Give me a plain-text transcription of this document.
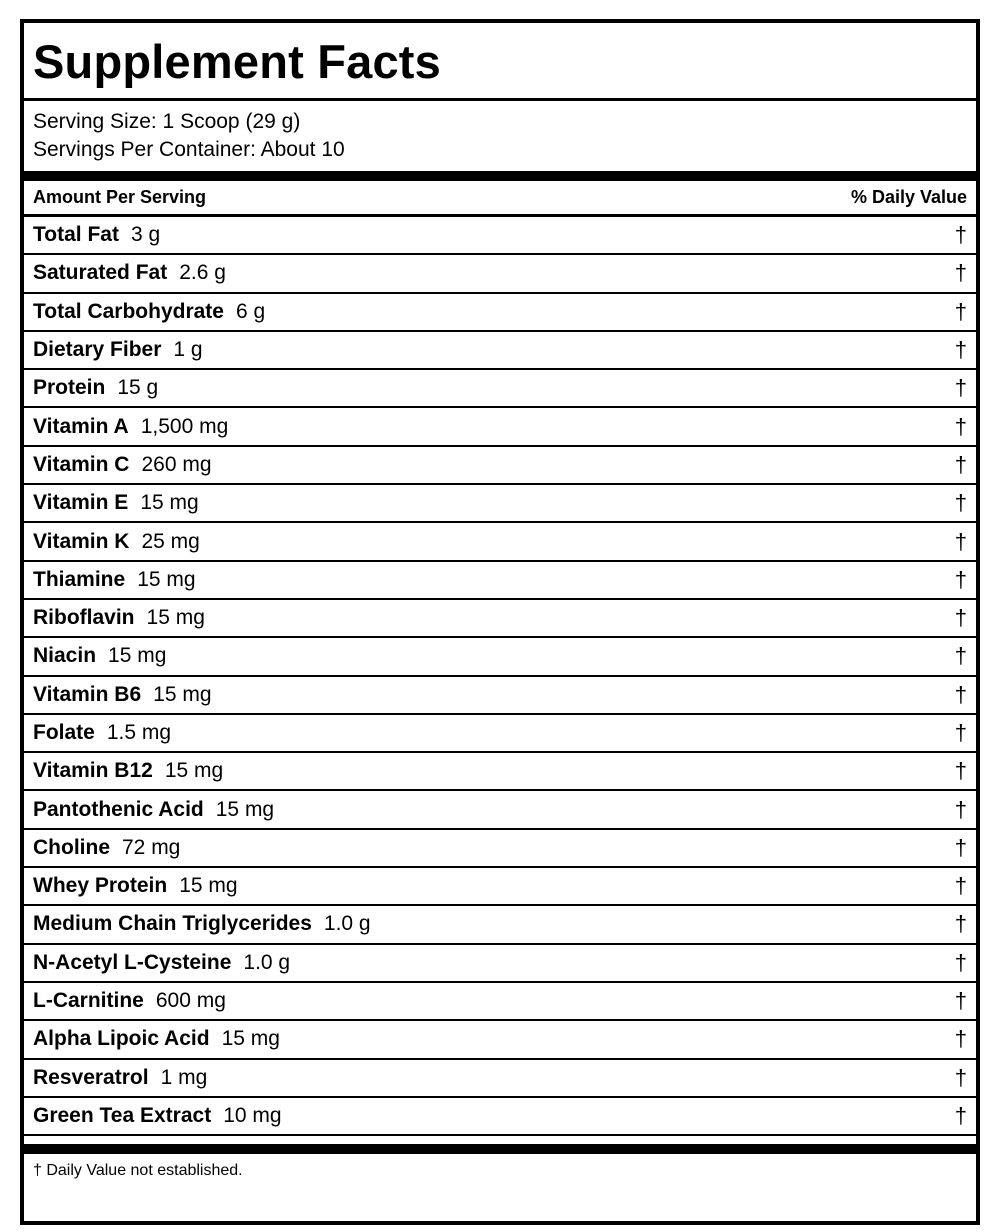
Supplement Facts
Serving Size: 1 Scoop (29 g)
Servings Per Container: About 10
Amount Per Serving	% Daily Value
Total Fat 3 g	†
Saturated Fat 2.6 g	†
Total Carbohydrate 6 g	†
Dietary Fiber 1 g	†
Protein 15 g	†
Vitamin A 1,500 mg	†
Vitamin C 260 mg	†
Vitamin E 15 mg	†
Vitamin K 25 mg	†
Thiamine 15 mg	†
Riboflavin 15 mg	†
Niacin 15 mg	†
Vitamin B6 15 mg	†
Folate 1.5 mg	†
Vitamin B12 15 mg	†
Pantothenic Acid 15 mg	†
Choline 72 mg	†
Whey Protein 15 mg	†
Medium Chain Triglycerides 1.0 g	†
N-Acetyl L-Cysteine 1.0 g	†
L-Carnitine 600 mg	†
Alpha Lipoic Acid 15 mg	†
Resveratrol 1 mg	†
Green Tea Extract 10 mg	†
† Daily Value not established.
